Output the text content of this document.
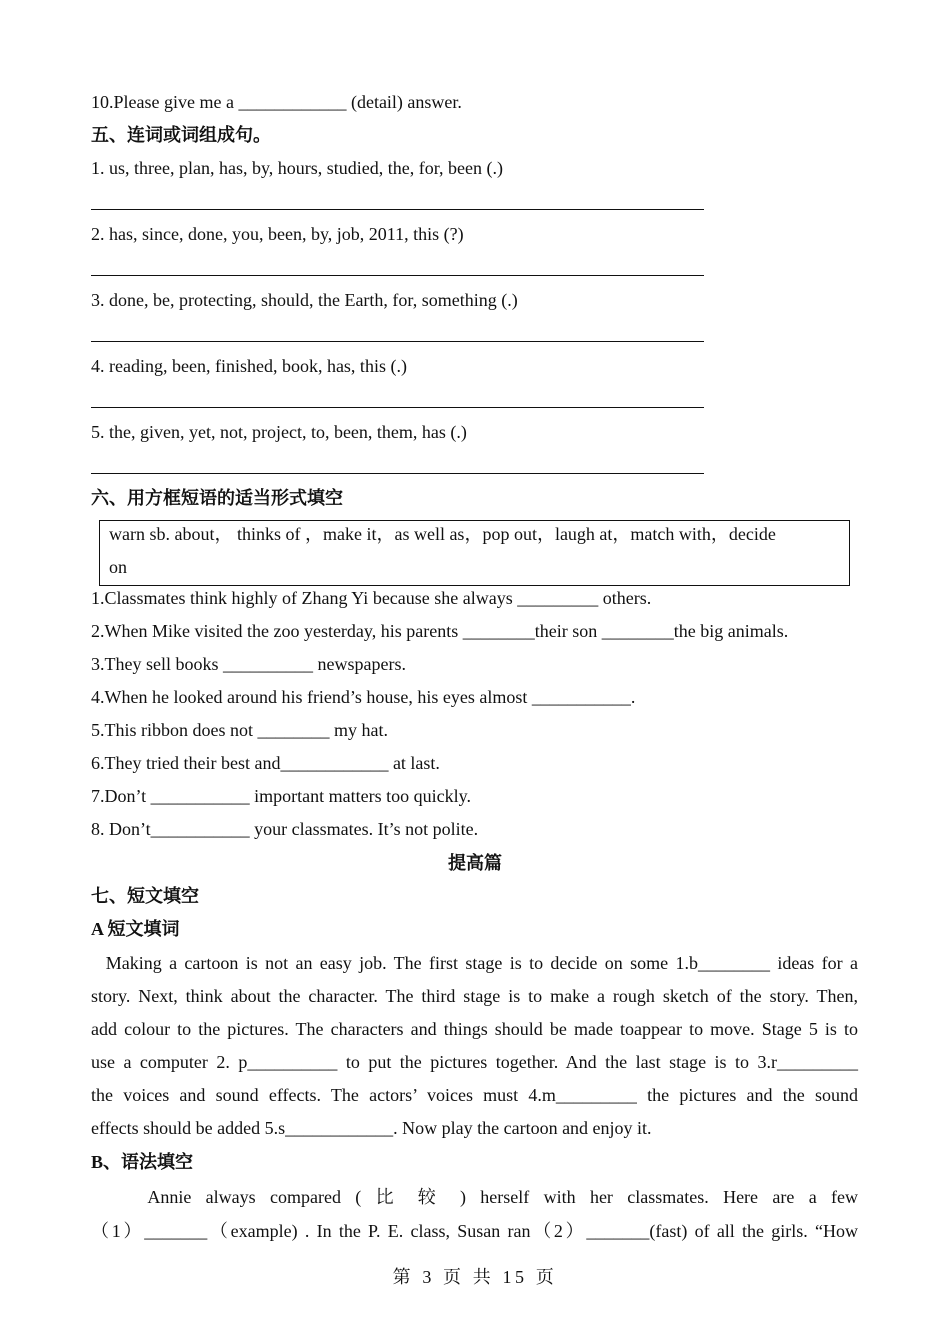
10.Please give me a ____________ (detail) answer.
五、连词或词组成句。
1. us, three, plan, has, by, hours, studied, the, for, been (.)
2. has, since, done, you, been, by, job, 2011, this (?)
3. done, be, protecting, should, the Earth, for, something (.)
4. reading, been, finished, book, has, this (.)
5. the, given, yet, not, project, to, been, them, has (.)
六、用方框短语的适当形式填空
warn sb. about， thinks of ，make it，as well as，pop out，laugh at，match with，decide
on
1.Classmates think highly of Zhang Yi because she always _________ others.
2.When Mike visited the zoo yesterday, his parents ________their son ________the big animals.
3.They sell books __________ newspapers.
4.When he looked around his friend’s house, his eyes almost ___________.
5.This ribbon does not ________ my hat.
6.They tried their best and____________ at last.
7.Don’t ___________ important matters too quickly.
8. Don’t___________ your classmates. It’s not polite.
提高篇
七、短文填空
A 短文填词
Making a cartoon is not an easy job. The first stage is to decide on some 1.b________ ideas for a
story. Next, think about the character. The third stage is to make a rough sketch of the story. Then,
add colour to the pictures. The characters and things should be made toappear to move. Stage 5 is to
use a computer 2. p__________ to put the pictures together. And the last stage is to 3.r_________
the voices and sound effects. The actors’ voices must 4.m_________ the pictures and the sound
effects should be added 5.s____________. Now play the cartoon and enjoy it.
B、语法填空
Annie always compared ( 比 较 ) herself with her classmates. Here are a few
（1）_______（example) . In the P. E. class, Susan ran（2）_______(fast) of all the girls. “How
第 3 页 共 15 页
